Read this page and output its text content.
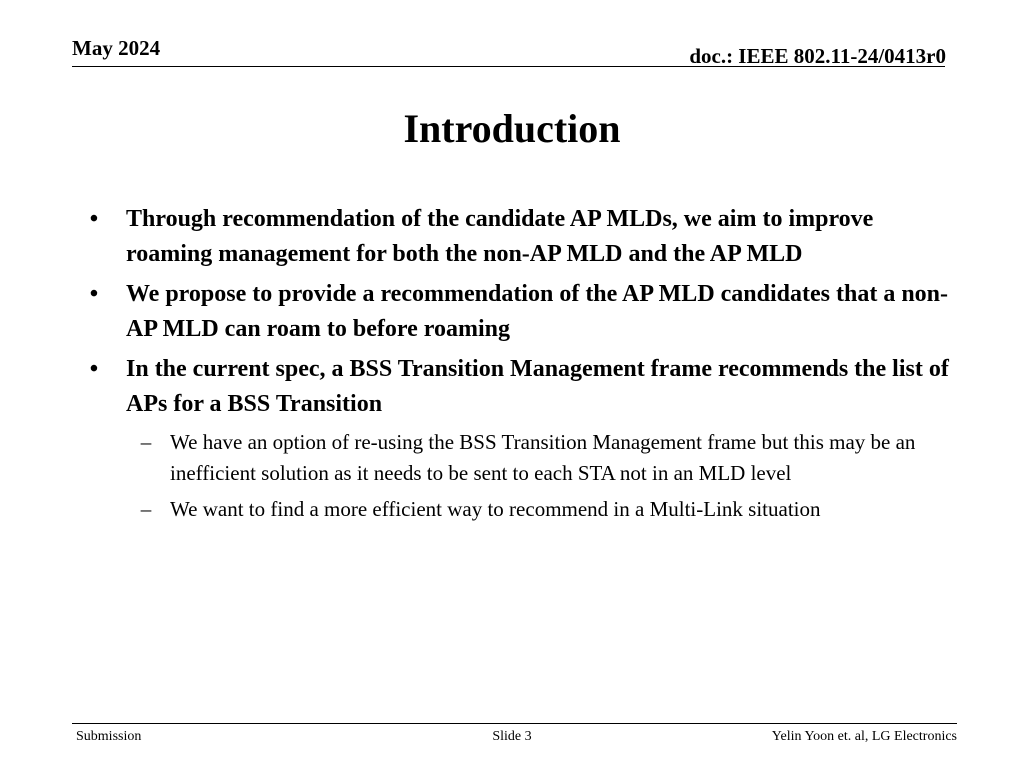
May 2024	doc.: IEEE 802.11-24/0413r0
Introduction
• Through recommendation of the candidate AP MLDs, we aim to improve roaming management for both the non-AP MLD and the AP MLD
• We propose to provide a recommendation of the AP MLD candidates that a non-AP MLD can roam to before roaming
• In the current spec, a BSS Transition Management frame recommends the list of APs for a BSS Transition
– We have an option of re-using the BSS Transition Management frame but this may be an inefficient solution as it needs to be sent to each STA not in an MLD level
– We want to find a more efficient way to recommend in a Multi-Link situation
Submission	Slide 3	Yelin Yoon et. al, LG Electronics
